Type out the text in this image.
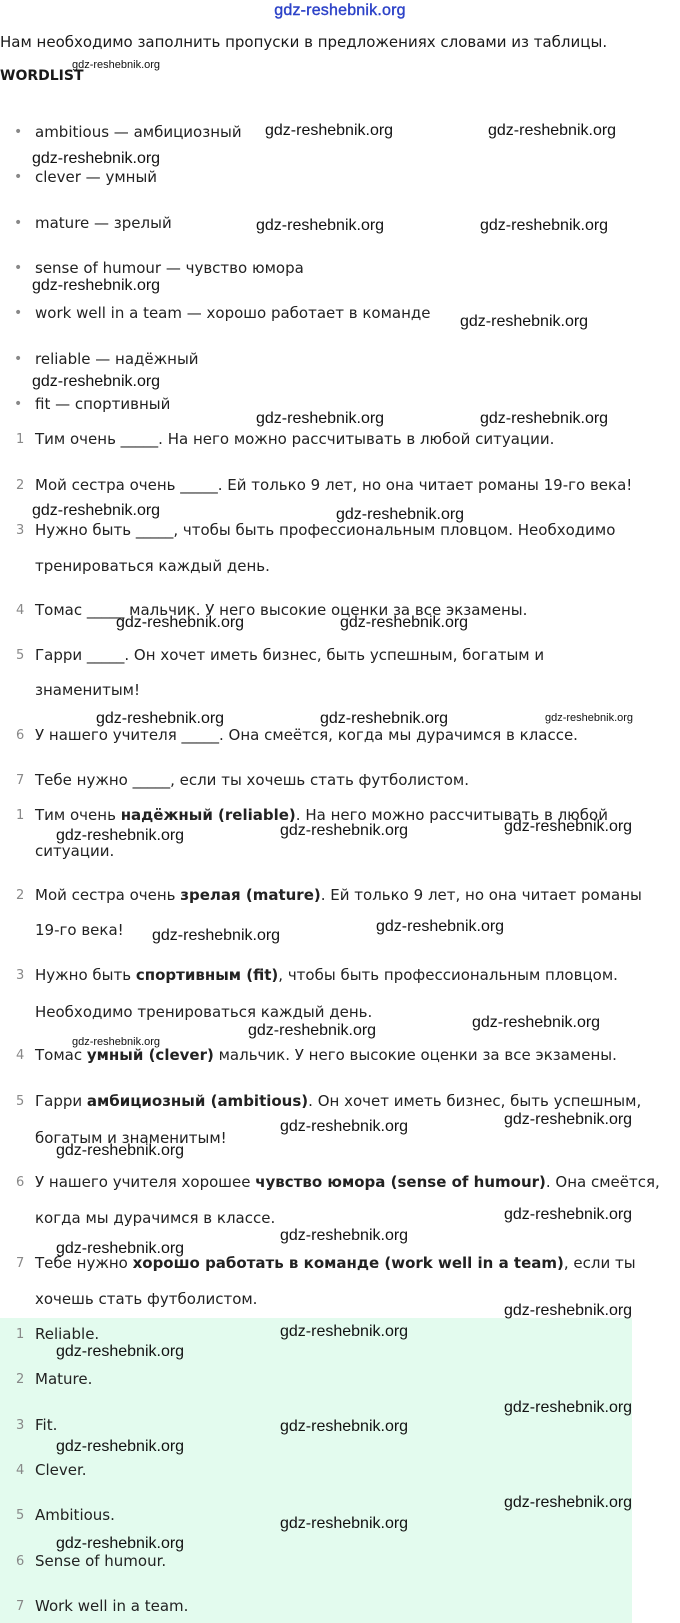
gdz-reshebnik.org
Нам необходимо заполнить пропуски в предложениях словами из таблицы.
WORDLIST
• ambitious — амбициозный
• clever — умный
• mature — зрелый
• sense of humour — чувство юмора
• work well in a team — хорошо работает в команде
• reliable — надёжный
• fit — спортивный
1 Тим очень _____. На него можно рассчитывать в любой ситуации.
2 Мой сестра очень _____. Ей только 9 лет, но она читает романы 19-го века!
3 Нужно быть _____, чтобы быть профессиональным пловцом. Необходимо
тренироваться каждый день.
4 Томас _____ мальчик. У него высокие оценки за все экзамены.
5 Гарри _____. Он хочет иметь бизнес, быть успешным, богатым и
знаменитым!
6 У нашего учителя _____. Она смеётся, когда мы дурачимся в классе.
7 Тебе нужно _____, если ты хочешь стать футболистом.
1 Тим очень надёжный (reliable). На него можно рассчитывать в любой
ситуации.
2 Мой сестра очень зрелая (mature). Ей только 9 лет, но она читает романы
19-го века!
3 Нужно быть спортивным (fit), чтобы быть профессиональным пловцом.
Необходимо тренироваться каждый день.
4 Томас умный (clever) мальчик. У него высокие оценки за все экзамены.
5 Гарри амбициозный (ambitious). Он хочет иметь бизнес, быть успешным,
богатым и знаменитым!
6 У нашего учителя хорошее чувство юмора (sense of humour). Она смеётся,
когда мы дурачимся в классе.
7 Тебе нужно хорошо работать в команде (work well in a team), если ты
хочешь стать футболистом.
1 Reliable.
2 Mature.
3 Fit.
4 Clever.
5 Ambitious.
6 Sense of humour.
7 Work well in a team.
gdz-reshebnik.org
gdz-reshebnik.org	gdz-reshebnik.org
gdz-reshebnik.org
gdz-reshebnik.org	gdz-reshebnik.org
gdz-reshebnik.org
gdz-reshebnik.org
gdz-reshebnik.org
gdz-reshebnik.org	gdz-reshebnik.org
gdz-reshebnik.org	gdz-reshebnik.org
gdz-reshebnik.org	gdz-reshebnik.org
gdz-reshebnik.org	gdz-reshebnik.org	gdz-reshebnik.org
gdz-reshebnik.org	gdz-reshebnik.org	gdz-reshebnik.org
gdz-reshebnik.org
gdz-reshebnik.org
gdz-reshebnik.org
gdz-reshebnik.org	gdz-reshebnik.org
gdz-reshebnik.org	gdz-reshebnik.org
gdz-reshebnik.org
gdz-reshebnik.org
gdz-reshebnik.org
gdz-reshebnik.org
gdz-reshebnik.org
gdz-reshebnik.org
gdz-reshebnik.org
gdz-reshebnik.org
gdz-reshebnik.org
gdz-reshebnik.org
gdz-reshebnik.org
gdz-reshebnik.org
gdz-reshebnik.org
